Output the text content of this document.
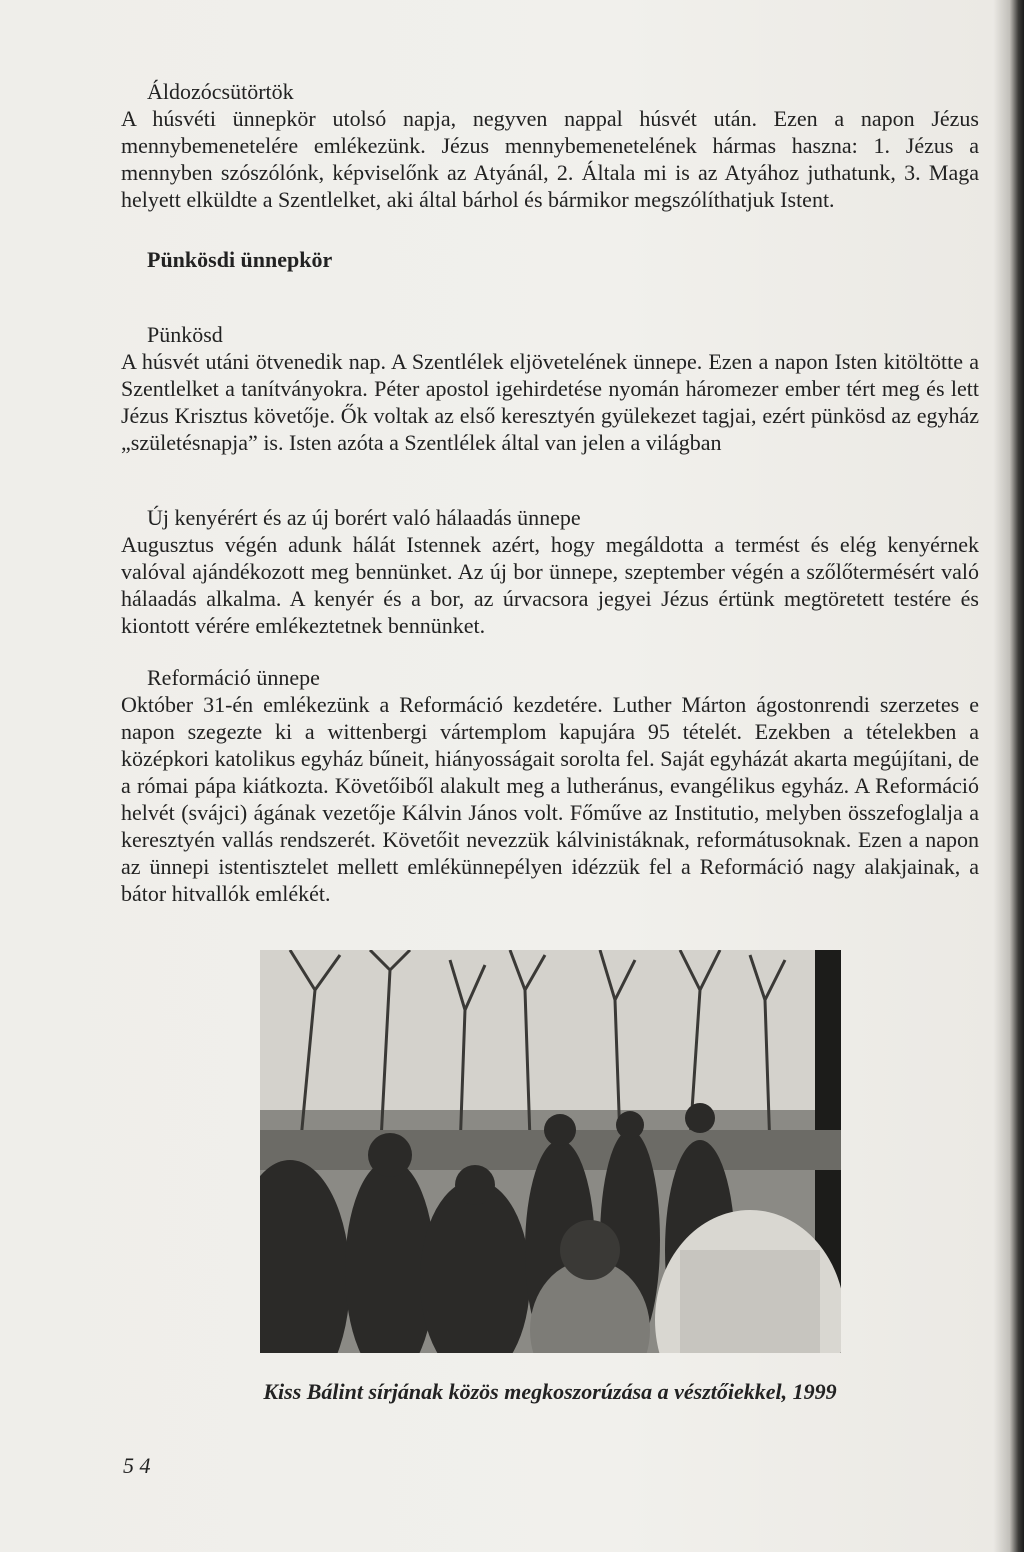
Áldozócsütörtök

A húsvéti ünnepkör utolsó napja, negyven nappal húsvét után. Ezen a napon Jézus mennybemenetelére emlékezünk. Jézus mennybemenetelének hármas haszna: 1. Jézus a mennyben szószólónk, képviselőnk az Atyánál, 2. Általa mi is az Atyához juthatunk, 3. Maga helyett elküldte a Szentlelket, aki által bárhol és bármikor megszólíthatjuk Istent.

Pünkösdi ünnepkör

Pünkösd

A húsvét utáni ötvenedik nap. A Szentlélek eljövetelének ünnepe. Ezen a napon Isten kitöltötte a Szentlelket a tanítványokra. Péter apostol igehirdetése nyomán háromezer ember tért meg és lett Jézus Krisztus követője. Ők voltak az első keresztyén gyülekezet tagjai, ezért pünkösd az egyház „születésnapja” is. Isten azóta a Szentlélek által van jelen a világban

Új kenyérért és az új borért való hálaadás ünnepe

Augusztus végén adunk hálát Istennek azért, hogy megáldotta a termést és elég kenyérnek valóval ajándékozott meg bennünket. Az új bor ünnepe, szeptember végén a szőlőtermésért való hálaadás alkalma. A kenyér és a bor, az úrvacsora jegyei Jézus értünk megtöretett testére és kiontott vérére emlékeztetnek bennünket.

Reformáció ünnepe

Október 31-én emlékezünk a Reformáció kezdetére. Luther Márton ágostonrendi szerzetes e napon szegezte ki a wittenbergi vártemplom kapujára 95 tételét. Ezekben a tételekben a középkori katolikus egyház bűneit, hiányosságait sorolta fel. Saját egyházát akarta megújítani, de a római pápa kiátkozta. Követőiből alakult meg a lutheránus, evangélikus egyház. A Reformáció helvét (svájci) ágának vezetője Kálvin János volt. Főműve az Institutio, melyben összefoglalja a keresztyén vallás rendszerét. Követőit nevezzük kálvinistáknak, reformátusoknak. Ezen a napon az ünnepi istentisztelet mellett emlékünnepélyen idézzük fel a Reformáció nagy alakjainak, a bátor hitvallók emlékét.

Kiss Bálint sírjának közös megkoszorúzása a vésztőiekkel, 1999

5 4
